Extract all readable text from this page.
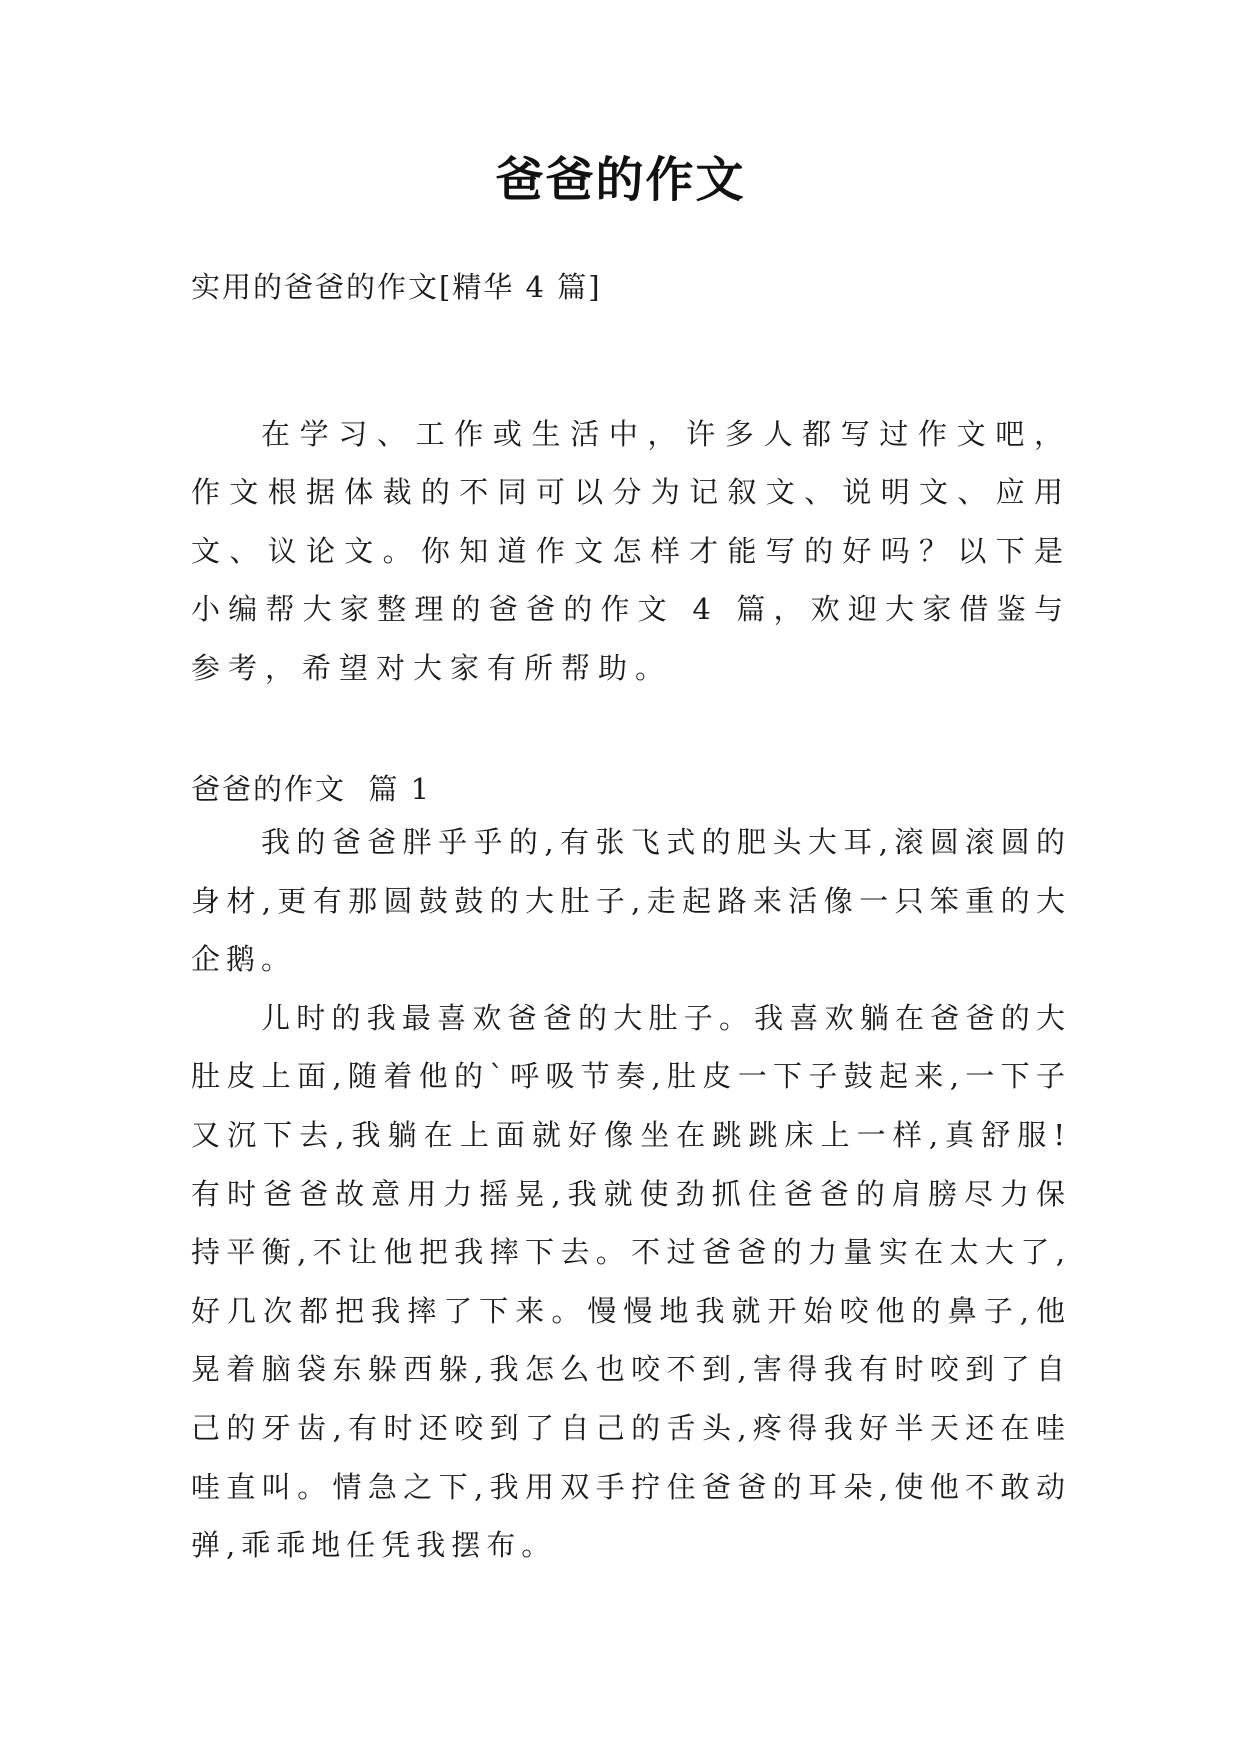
爸爸的作文
实用的爸爸的作文[精华 4 篇]

在学习、工作或生活中，许多人都写过作文吧，作文根据体裁的不同可以分为记叙文、说明文、应用文、议论文。你知道作文怎样才能写的好吗？以下是小编帮大家整理的爸爸的作文 4 篇，欢迎大家借鉴与参考，希望对大家有所帮助。

爸爸的作文  篇 1

我的爸爸胖乎乎的,有张飞式的肥头大耳,滚圆滚圆的身材,更有那圆鼓鼓的大肚子,走起路来活像一只笨重的大企鹅。

儿时的我最喜欢爸爸的大肚子。我喜欢躺在爸爸的大肚皮上面,随着他的`呼吸节奏,肚皮一下子鼓起来,一下子又沉下去,我躺在上面就好像坐在跳跳床上一样,真舒服!有时爸爸故意用力摇晃,我就使劲抓住爸爸的肩膀尽力保持平衡,不让他把我摔下去。不过爸爸的力量实在太大了,好几次都把我摔了下来。慢慢地我就开始咬他的鼻子,他晃着脑袋东躲西躲,我怎么也咬不到,害得我有时咬到了自己的牙齿,有时还咬到了自己的舌头,疼得我好半天还在哇哇直叫。情急之下,我用双手拧住爸爸的耳朵,使他不敢动弹,乖乖地任凭我摆布。
